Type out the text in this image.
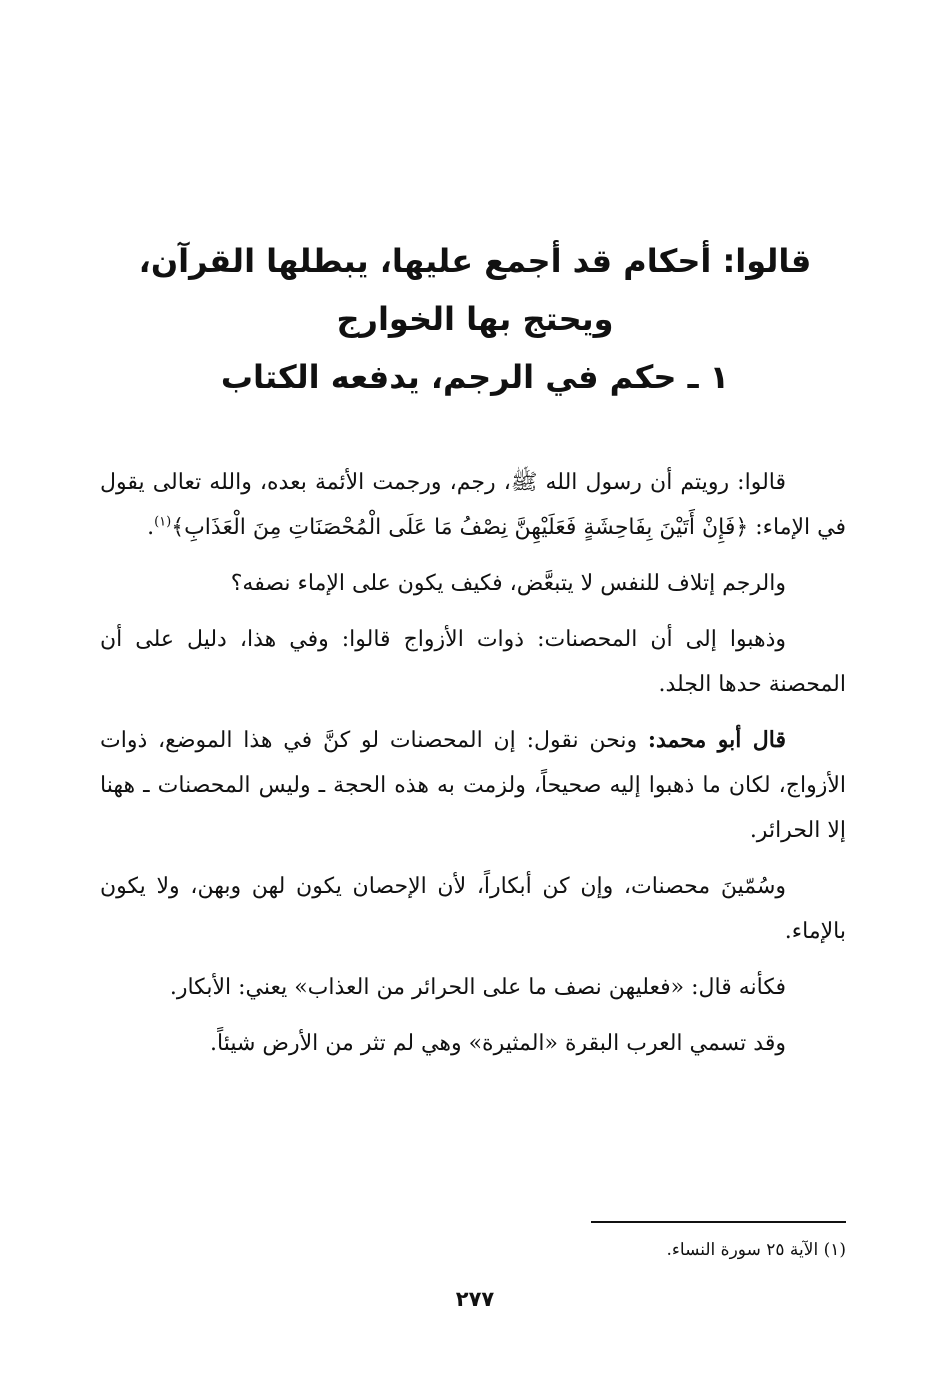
قالوا: أحكام قد أجمع عليها، يبطلها القرآن،
ويحتج بها الخوارج
١ ـ حكم في الرجم، يدفعه الكتاب

قالوا: رويتم أن رسول الله ﷺ، رجم، ورجمت الأئمة بعده، والله تعالى يقول في الإماء: ﴿فَإِنْ أَتَيْنَ بِفَاحِشَةٍ فَعَلَيْهِنَّ نِصْفُ مَا عَلَى الْمُحْصَنَاتِ مِنَ الْعَذَابِ﴾$^{(١)}$.

والرجم إتلاف للنفس لا يتبعَّض، فكيف يكون على الإماء نصفه؟

وذهبوا إلى أن المحصنات: ذوات الأزواج قالوا: وفي هذا، دليل على أن المحصنة حدها الجلد.

قال أبو محمد: ونحن نقول: إن المحصنات لو كنَّ في هذا الموضع، ذوات الأزواج، لكان ما ذهبوا إليه صحيحاً، ولزمت به هذه الحجة ـ وليس المحصنات ـ ههنا إلا الحرائر.

وسُمّينَ محصنات، وإن كن أبكاراً، لأن الإحصان يكون لهن وبهن، ولا يكون بالإماء.

فكأنه قال: «فعليهن نصف ما على الحرائر من العذاب» يعني: الأبكار.

وقد تسمي العرب البقرة «المثيرة» وهي لم تثر من الأرض شيئاً.

(١) الآية ٢٥ سورة النساء.
٢٧٧
